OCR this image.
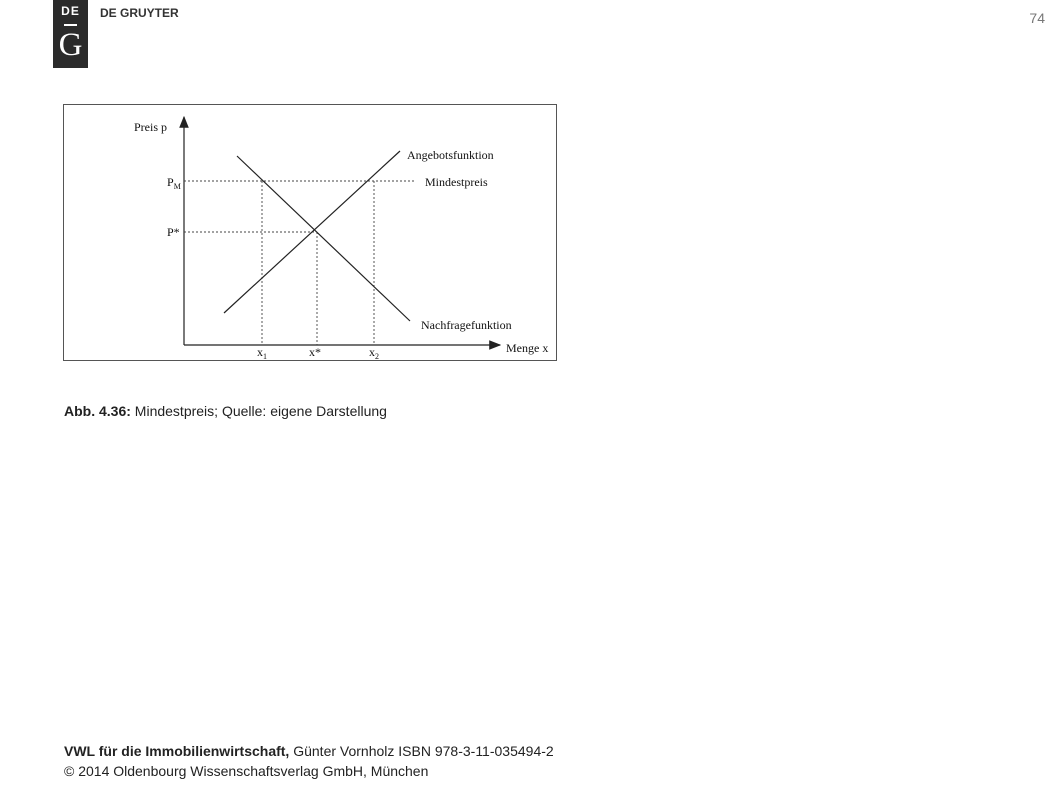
DE
G
DE GRUYTER	74
Preis p
Menge x
$P_M$
P*
$x_1$	x*	$x_2$
Angebotsfunktion
Mindestpreis
Nachfragefunktion
Abb. 4.36: Mindestpreis; Quelle: eigene Darstellung
VWL für die Immobilienwirtschaft, Günter Vornholz ISBN 978-3-11-035494-2
© 2014 Oldenbourg Wissenschaftsverlag GmbH, München
